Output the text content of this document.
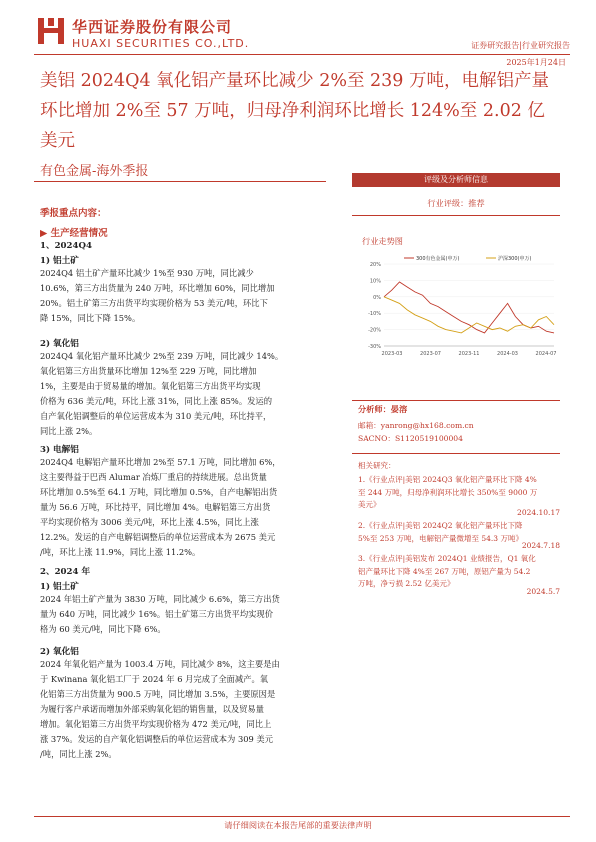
华西证券股份有限公司
HUAXI SECURITIES CO.,LTD.	证券研究报告|行业研究报告
2025年1月24日
美铝 2024Q4 氧化铝产量环比减少 2%至 239 万吨，电解铝产量环比增加 2%至 57 万吨，归母净利润环比增长 124%至 2.02 亿美元
有色金属-海外季报
季报重点内容：
▶ 生产经营情况
1、2024Q4
1) 铝土矿
2024Q4 铝土矿产量环比减少 1%至 930 万吨，同比减少
10.6%，第三方出货量为 240 万吨，环比增加 60%，同比增加
20%。铝土矿第三方出货平均实现价格为 53 美元/吨，环比下
降 15%，同比下降 15%。
2) 氧化铝
2024Q4 氧化铝产量环比减少 2%至 239 万吨，同比减少 14%。
氧化铝第三方出货量环比增加 12%至 229 万吨，同比增加
1%，主要是由于贸易量的增加。氧化铝第三方出货平均实现
价格为 636 美元/吨，环比上涨 31%，同比上涨 85%。发运的
自产氧化铝调整后的单位运营成本为 310 美元/吨，环比持平，
同比上涨 2%。
3) 电解铝
2024Q4 电解铝产量环比增加 2%至 57.1 万吨，同比增加 6%，
这主要得益于巴西 Alumar 冶炼厂重启的持续进展。总出货量
环比增加 0.5%至 64.1 万吨，同比增加 0.5%，自产电解铝出货
量为 56.6 万吨，环比持平，同比增加 4%。电解铝第三方出货
平均实现价格为 3006 美元/吨，环比上涨 4.5%，同比上涨
12.2%。发运的自产电解铝调整后的单位运营成本为 2675 美元
/吨，环比上涨 11.9%，同比上涨 11.2%。
2、2024 年
1) 铝土矿
2024 年铝土矿产量为 3830 万吨，同比减少 6.6%，第三方出货
量为 640 万吨，同比减少 16%。铝土矿第三方出货平均实现价
格为 60 美元/吨，同比下降 6%。
2) 氧化铝
2024 年氧化铝产量为 1003.4 万吨，同比减少 8%，这主要是由
于 Kwinana 氧化铝工厂于 2024 年 6 月完成了全面减产。氧
化铝第三方出货量为 900.5 万吨，同比增加 3.5%，主要原因是
为履行客户承诺而增加外部采购氧化铝的销售量，以及贸易量
增加。氧化铝第三方出货平均实现价格为 472 美元/吨，同比上
涨 37%。发运的自产氧化铝调整后的单位运营成本为 309 美元
/吨，同比上涨 2%。
评级及分析师信息
行业评级：推荐
行业走势图
20%
10%
0%
-10%
-20%
-30%
2023-03	2023-07	2023-11	2024-03	2024-07
300有色金属(申万)	沪深300(申万)
分析师：晏溶
邮箱：yanrong@hx168.com.cn
SACNO：S1120519100004
相关研究：
1.《行业点评|美铝 2024Q3 氧化铝产量环比下降 4%
至 244 万吨，归母净利润环比增长 350%至 9000 万
美元》
2024.10.17
2.《行业点评|美铝 2024Q2 氧化铝产量环比下降
5%至 253 万吨，电解铝产量微增至 54.3 万吨》
2024.7.18
3.《行业点评|美铝发布 2024Q1 业绩报告，Q1 氧化
铝产量环比下降 4%至 267 万吨，原铝产量为 54.2
万吨，净亏损 2.52 亿美元》
2024.5.7
请仔细阅读在本报告尾部的重要法律声明
